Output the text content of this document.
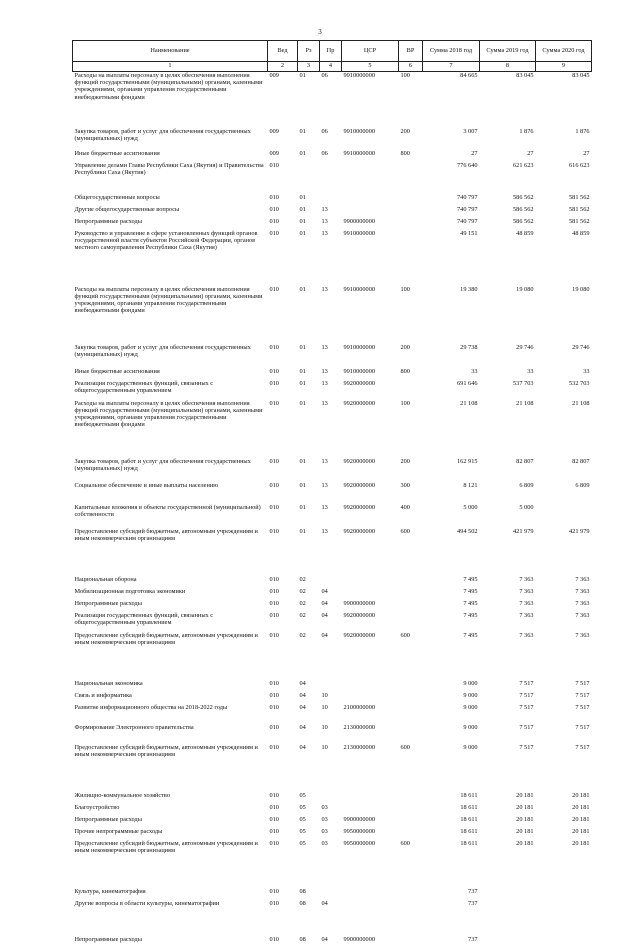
3
Наименование	Вед	Рз	Пр	ЦСР	ВР	Сумма 2018 год	Сумма 2019 год	Сумма 2020 год
1	2	3	4	5	6	7	8	9
Расходы на выплаты персоналу в целях обеспечения выполнения функций государственными (муниципальными) органами, казенными учреждениями, органами управления государственными внебюджетными фондами	009	01	06	9910000000	100	84 665	83 045	83 045
Закупка товаров, работ и услуг для обеспечения государственных (муниципальных) нужд	009	01	06	9910000000	200	3 007	1 876	1 876
Иные бюджетные ассигнования	009	01	06	9910000000	800	27	27	27
Управление делами Главы Республики Саха (Якутия) и Правительства Республики Саха (Якутия)	010					776 640	621 623	616 623
Общегосударственные вопросы	010	01				740 797	586 562	581 562
Другие общегосударственные вопросы	010	01	13			740 797	586 562	581 562
Непрограммные расходы	010	01	13	9900000000		740 797	586 562	581 562
Руководство и управление в сфере установленных функций органов государственной власти субъектов Российской Федерации, органов местного самоуправления Республики Саха (Якутия)	010	01	13	9910000000		49 151	48 859	48 859
Расходы на выплаты персоналу в целях обеспечения выполнения функций государственными (муниципальными) органами, казенными учреждениями, органами управления государственными внебюджетными фондами	010	01	13	9910000000	100	19 380	19 080	19 080
Закупка товаров, работ и услуг для обеспечения государственных (муниципальных) нужд	010	01	13	9910000000	200	29 738	29 746	29 746
Иные бюджетные ассигнования	010	01	13	9910000000	800	33	33	33
Реализация государственных функций, связанных с общегосударственным управлением	010	01	13	9920000000		691 646	537 703	532 703
Расходы на выплаты персоналу в целях обеспечения выполнения функций государственными (муниципальными) органами, казенными учреждениями, органами управления государственными внебюджетными фондами	010	01	13	9920000000	100	21 108	21 108	21 108
Закупка товаров, работ и услуг для обеспечения государственных (муниципальных) нужд	010	01	13	9920000000	200	162 915	82 807	82 807
Социальное обеспечение и иные выплаты населению	010	01	13	9920000000	300	8 121	6 809	6 809
Капитальные вложения в объекты государственной (муниципальной) собственности	010	01	13	9920000000	400	5 000	5 000	
Предоставление субсидий бюджетным, автономным учреждениям и иным некоммерческим организациям	010	01	13	9920000000	600	494 502	421 979	421 979
Национальная оборона	010	02				7 495	7 363	7 363
Мобилизационная подготовка экономики	010	02	04			7 495	7 363	7 363
Непрограммные расходы	010	02	04	9900000000		7 495	7 363	7 363
Реализация государственных функций, связанных с общегосударственным управлением	010	02	04	9920000000		7 495	7 363	7 363
Предоставление субсидий бюджетным, автономным учреждениям и иным некоммерческим организациям	010	02	04	9920000000	600	7 495	7 363	7 363
Национальная экономика	010	04				9 000	7 517	7 517
Связь и информатика	010	04	10			9 000	7 517	7 517
Развитие информационного общества на 2018-2022 годы	010	04	10	2100000000		9 000	7 517	7 517
Формирование Электронного правительства	010	04	10	2130000000		9 000	7 517	7 517
Предоставление субсидий бюджетным, автономным учреждениям и иным некоммерческим организациям	010	04	10	2130000000	600	9 000	7 517	7 517
Жилищно-коммунальное хозяйство	010	05				18 611	20 181	20 181
Благоустройство	010	05	03			18 611	20 181	20 181
Непрограммные расходы	010	05	03	9900000000		18 611	20 181	20 181
Прочие непрограммные расходы	010	05	03	9950000000		18 611	20 181	20 181
Предоставление субсидий бюджетным, автономным учреждениям и иным некоммерческим организациям	010	05	03	9950000000	600	18 611	20 181	20 181
Культура, кинематография	010	08				737		
Другие вопросы в области культуры, кинематографии	010	08	04			737		
Непрограммные расходы	010	08	04	9900000000		737		
